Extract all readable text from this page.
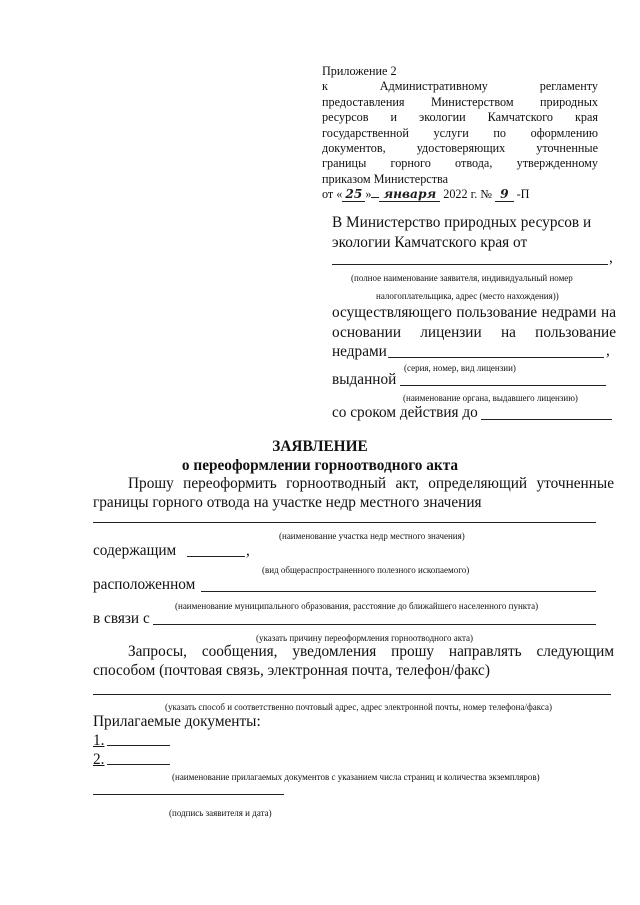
Приложение 2
к Административному регламенту
предоставления Министерством природных
ресурсов и экологии Камчатского края
государственной услуги по оформлению
документов, удостоверяющих уточненные
границы горного отвода, утвержденному
приказом Министерства
от « 25 » января 2022 г. № 9 -П
В Министерство природных ресурсов и
экологии Камчатского края от
,
(полное наименование заявителя, индивидуальный номер
налогоплательщика, адрес (место нахождения))
осуществляющего пользование недрами на
основании лицензии на пользование
недрами	,
(серия, номер, вид лицензии)
выданной
(наименование органа, выдавшего лицензию)
со сроком действия до
ЗАЯВЛЕНИЕ
о переоформлении горноотводного акта
Прошу переоформить горноотводный акт, определяющий уточненные
границы горного отвода на участке недр местного значения
(наименование участка недр местного значения)
содержащим	,
(вид общераспространенного полезного ископаемого)
расположенном
(наименование муниципального образования, расстояние до ближайшего населенного пункта)
в связи с
(указать причину переоформления горноотводного акта)
Запросы, сообщения, уведомления прошу направлять следующим
способом (почтовая связь, электронная почта, телефон/факс)
(указать способ и соответственно почтовый адрес, адрес электронной почты, номер телефона/факса)
Прилагаемые документы:
1.
2.
(наименование прилагаемых документов с указанием числа страниц и количества экземпляров)
(подпись заявителя и дата)
